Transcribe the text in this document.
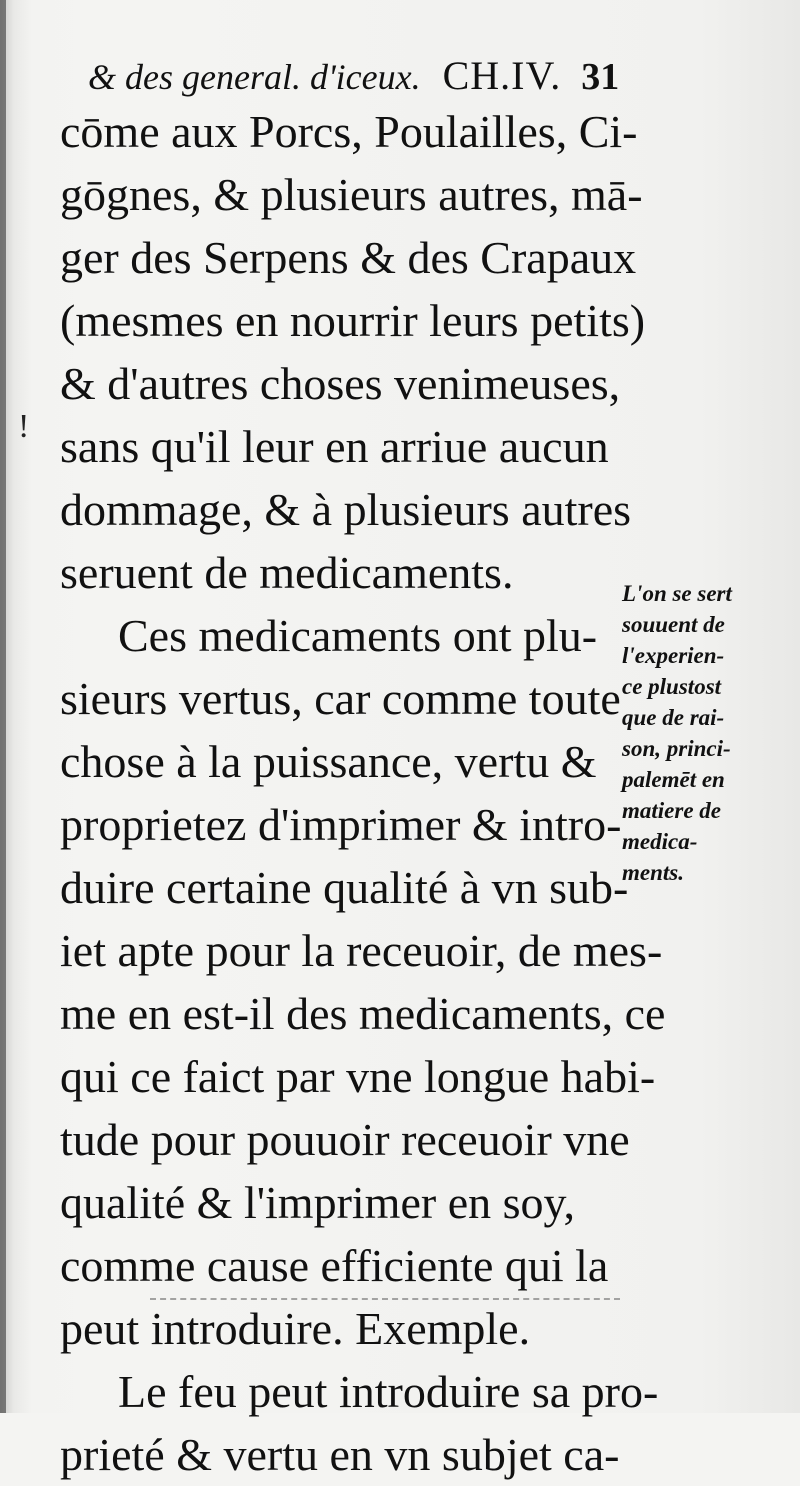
& des general. d'iceux. CH.IV. 31
!
cōme aux Porcs, Poulailles, Ci-
gōgnes, & plusieurs autres, mā-
ger des Serpens & des Crapaux
(mesmes en nourrir leurs petits)
& d'autres choses venimeuses,
sans qu'il leur en arriue aucun
dommage, & à plusieurs autres
seruent de medicaments.
Ces medicaments ont plu-
sieurs vertus, car comme toute
chose à la puissance, vertu &
proprietez d'imprimer & intro-
duire certaine qualité à vn sub-
iet apte pour la receuoir, de mes-
me en est-il des medicaments, ce
qui ce faict par vne longue habi-
tude pour pouuoir receuoir vne
qualité & l'imprimer en soy,
comme cause efficiente qui la
peut introduire. Exemple.
Le feu peut introduire sa pro-
prieté & vertu en vn subjet ca-
L'on se sert
souuent de
l'experien-
ce plustost
que de rai-
son, princi-
palemēt en
matiere de
medica-
ments.
